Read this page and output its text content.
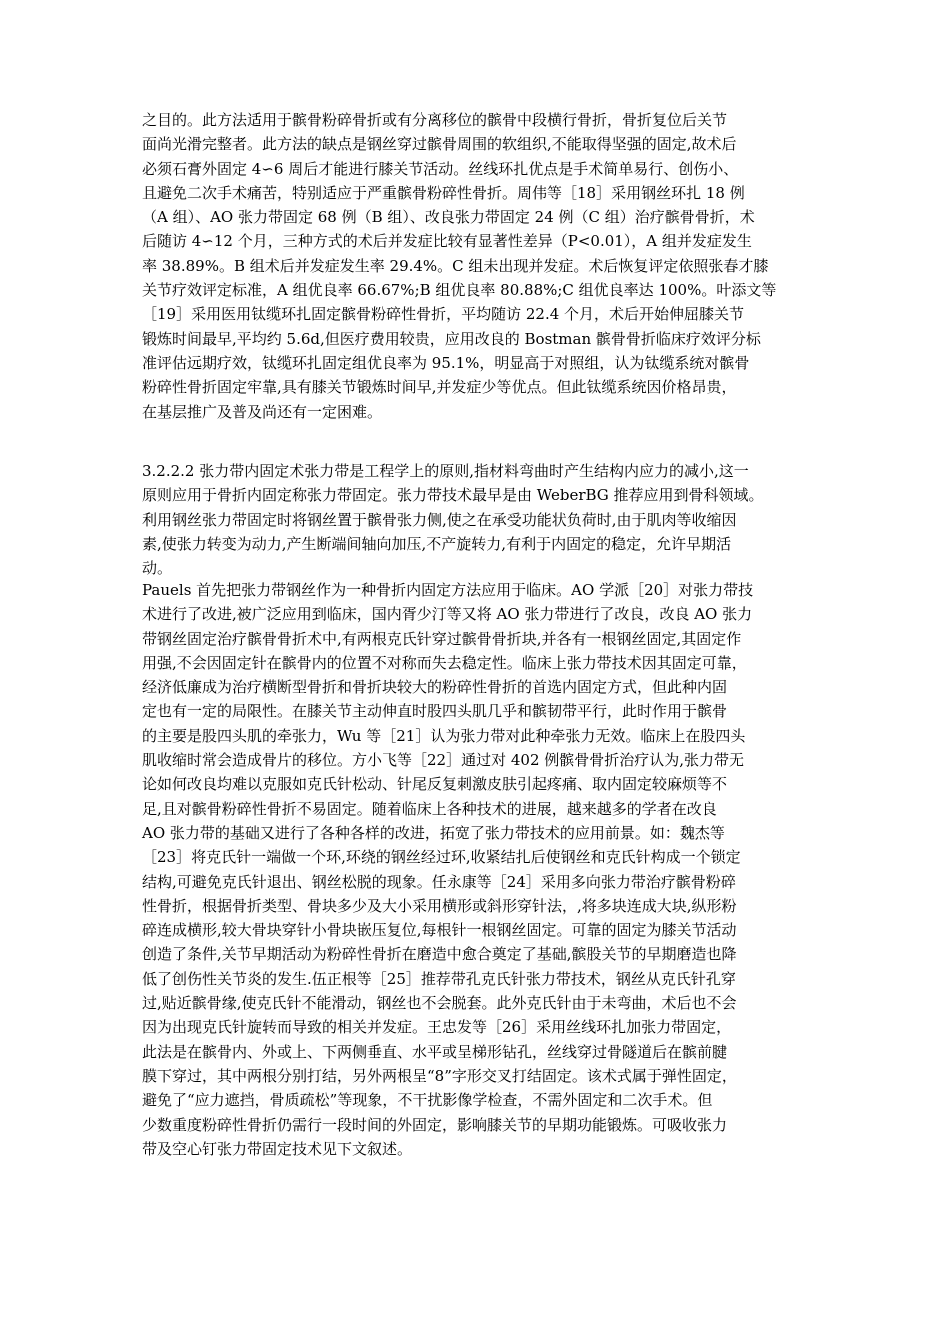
之目的。此方法适用于髌骨粉碎骨折或有分离移位的髌骨中段横行骨折，骨折复位后关节
面尚光滑完整者。此方法的缺点是钢丝穿过髌骨周围的软组织,不能取得坚强的固定,故术后
必须石膏外固定 4∽6 周后才能进行膝关节活动。丝线环扎优点是手术简单易行、创伤小、
且避免二次手术痛苦，特别适应于严重髌骨粉碎性骨折。周伟等［18］采用钢丝环扎 18 例
（A 组）、AO 张力带固定 68 例（B 组）、改良张力带固定 24 例（C 组）治疗髌骨骨折，术
后随访 4∽12 个月，三种方式的术后并发症比较有显著性差异（P<0.01），A 组并发症发生
率 38.89%。B 组术后并发症发生率 29.4%。C 组未出现并发症。术后恢复评定依照张春才膝
关节疗效评定标准，A 组优良率 66.67%;B 组优良率 80.88%;C 组优良率达 100%。叶添文等
［19］采用医用钛缆环扎固定髌骨粉碎性骨折，平均随访 22.4 个月，术后开始伸屈膝关节
锻炼时间最早,平均约 5.6d,但医疗费用较贵，应用改良的 Bostman 髌骨骨折临床疗效评分标
准评估远期疗效，钛缆环扎固定组优良率为 95.1%，明显高于对照组，认为钛缆系统对髌骨
粉碎性骨折固定牢靠,具有膝关节锻炼时间早,并发症少等优点。但此钛缆系统因价格昂贵，
在基层推广及普及尚还有一定困难。
3.2.2.2 张力带内固定术张力带是工程学上的原则,指材料弯曲时产生结构内应力的减小,这一
原则应用于骨折内固定称张力带固定。张力带技术最早是由 WeberBG 推荐应用到骨科领域。
利用钢丝张力带固定时将钢丝置于髌骨张力侧,使之在承受功能状负荷时,由于肌肉等收缩因
素,使张力转变为动力,产生断端间轴向加压,不产旋转力,有利于内固定的稳定，允许早期活
动。
Pauels 首先把张力带钢丝作为一种骨折内固定方法应用于临床。AO 学派［20］对张力带技
术进行了改进,被广泛应用到临床，国内胥少汀等又将 AO 张力带进行了改良，改良 AO 张力
带钢丝固定治疗髌骨骨折术中,有两根克氏针穿过髌骨骨折块,并各有一根钢丝固定,其固定作
用强,不会因固定针在髌骨内的位置不对称而失去稳定性。临床上张力带技术因其固定可靠，
经济低廉成为治疗横断型骨折和骨折块较大的粉碎性骨折的首选内固定方式，但此种内固
定也有一定的局限性。在膝关节主动伸直时股四头肌几乎和髌韧带平行，此时作用于髌骨
的主要是股四头肌的牵张力，Wu 等［21］认为张力带对此种牵张力无效。临床上在股四头
肌收缩时常会造成骨片的移位。方小飞等［22］通过对 402 例髌骨骨折治疗认为,张力带无
论如何改良均难以克服如克氏针松动、针尾反复刺激皮肤引起疼痛、取内固定较麻烦等不
足,且对髌骨粉碎性骨折不易固定。随着临床上各种技术的进展，越来越多的学者在改良
AO 张力带的基础又进行了各种各样的改进，拓宽了张力带技术的应用前景。如：魏杰等
［23］将克氏针一端做一个环,环绕的钢丝经过环,收紧结扎后使钢丝和克氏针构成一个锁定
结构,可避免克氏针退出、钢丝松脱的现象。任永康等［24］采用多向张力带治疗髌骨粉碎
性骨折，根据骨折类型、骨块多少及大小采用横形或斜形穿针法，,将多块连成大块,纵形粉
碎连成横形,较大骨块穿针小骨块嵌压复位,每根针一根钢丝固定。可靠的固定为膝关节活动
创造了条件,关节早期活动为粉碎性骨折在磨造中愈合奠定了基础,髌股关节的早期磨造也降
低了创伤性关节炎的发生.伍正根等［25］推荐带孔克氏针张力带技术，钢丝从克氏针孔穿
过,贴近髌骨缘,使克氏针不能滑动，钢丝也不会脱套。此外克氏针由于未弯曲，术后也不会
因为出现克氏针旋转而导致的相关并发症。王忠发等［26］采用丝线环扎加张力带固定，
此法是在髌骨内、外或上、下两侧垂直、水平或呈梯形钻孔，丝线穿过骨隧道后在髌前腱
膜下穿过，其中两根分别打结，另外两根呈“8”字形交叉打结固定。该术式属于弹性固定，
避免了“应力遮挡，骨质疏松”等现象，不干扰影像学检查，不需外固定和二次手术。但
少数重度粉碎性骨折仍需行一段时间的外固定，影响膝关节的早期功能锻炼。可吸收张力
带及空心钉张力带固定技术见下文叙述。
